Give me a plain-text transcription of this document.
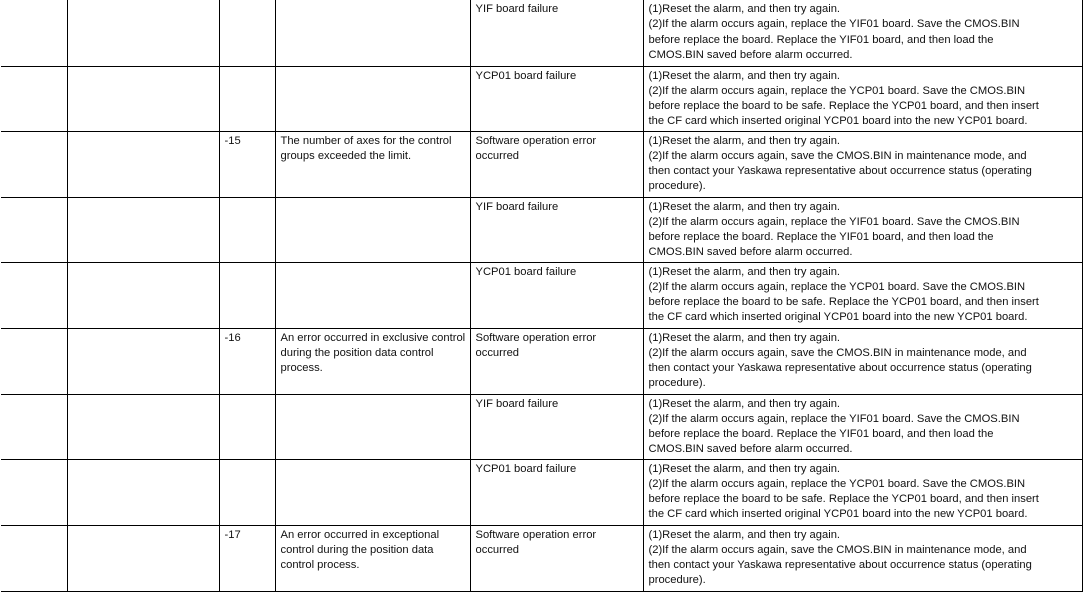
				YIF board failure	(1)Reset the alarm, and then try again.
(2)If the alarm occurs again, replace the YIF01 board. Save the CMOS.BIN
before replace the board. Replace the YIF01 board, and then load the
CMOS.BIN saved before alarm occurred.

				YCP01 board failure	(1)Reset the alarm, and then try again.
(2)If the alarm occurs again, replace the YCP01 board. Save the CMOS.BIN
before replace the board to be safe. Replace the YCP01 board, and then insert
the CF card which inserted original YCP01 board into the new YCP01 board.

		-15	The number of axes for the control groups exceeded the limit.	Software operation error occurred	(1)Reset the alarm, and then try again.
(2)If the alarm occurs again, save the CMOS.BIN in maintenance mode, and
then contact your Yaskawa representative about occurrence status (operating
procedure).

				YIF board failure	(1)Reset the alarm, and then try again.
(2)If the alarm occurs again, replace the YIF01 board. Save the CMOS.BIN
before replace the board. Replace the YIF01 board, and then load the
CMOS.BIN saved before alarm occurred.

				YCP01 board failure	(1)Reset the alarm, and then try again.
(2)If the alarm occurs again, replace the YCP01 board. Save the CMOS.BIN
before replace the board to be safe. Replace the YCP01 board, and then insert
the CF card which inserted original YCP01 board into the new YCP01 board.

		-16	An error occurred in exclusive control during the position data control process.	Software operation error occurred	(1)Reset the alarm, and then try again.
(2)If the alarm occurs again, save the CMOS.BIN in maintenance mode, and
then contact your Yaskawa representative about occurrence status (operating
procedure).

				YIF board failure	(1)Reset the alarm, and then try again.
(2)If the alarm occurs again, replace the YIF01 board. Save the CMOS.BIN
before replace the board. Replace the YIF01 board, and then load the
CMOS.BIN saved before alarm occurred.

				YCP01 board failure	(1)Reset the alarm, and then try again.
(2)If the alarm occurs again, replace the YCP01 board. Save the CMOS.BIN
before replace the board to be safe. Replace the YCP01 board, and then insert
the CF card which inserted original YCP01 board into the new YCP01 board.

		-17	An error occurred in exceptional control during the position data control process.	Software operation error occurred	(1)Reset the alarm, and then try again.
(2)If the alarm occurs again, save the CMOS.BIN in maintenance mode, and
then contact your Yaskawa representative about occurrence status (operating
procedure).
